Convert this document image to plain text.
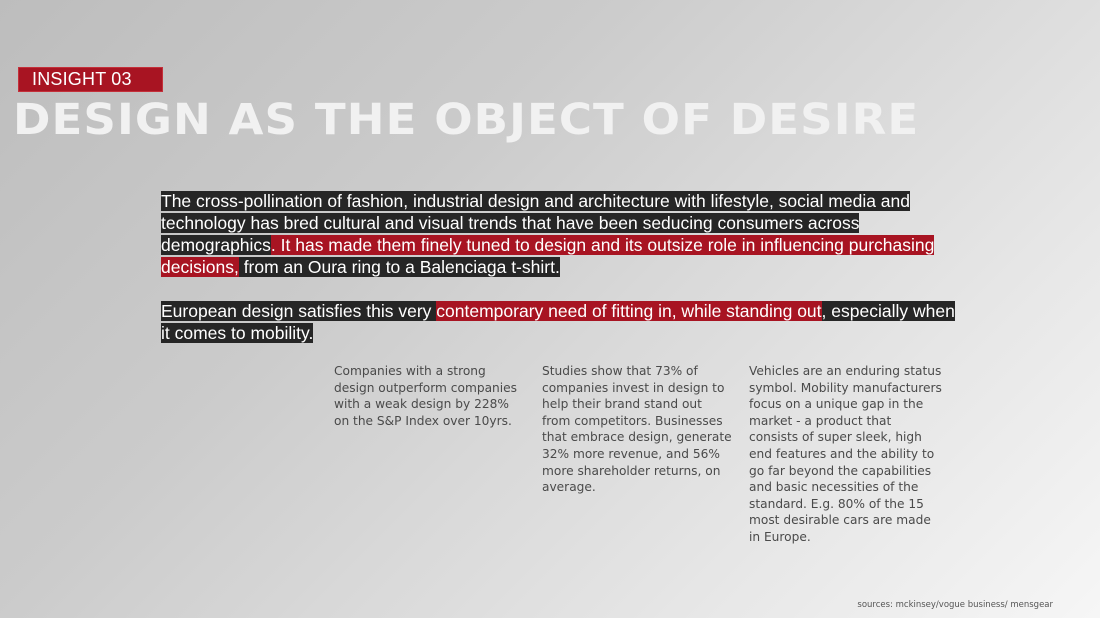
INSIGHT 03
DESIGN AS THE OBJECT OF DESIRE

The cross-pollination of fashion, industrial design and architecture with lifestyle, social media and technology has bred cultural and visual trends that have been seducing consumers across demographics. It has made them finely tuned to design and its outsize role in influencing purchasing decisions, from an Oura ring to a Balenciaga t-shirt.

European design satisfies this very contemporary need of fitting in, while standing out, especially when it comes to mobility.

Companies with a strong design outperform companies with a weak design by 228% on the S&P Index over 10yrs.

Studies show that 73% of companies invest in design to help their brand stand out from competitors. Businesses that embrace design, generate 32% more revenue, and 56% more shareholder returns, on average.

Vehicles are an enduring status symbol. Mobility manufacturers focus on a unique gap in the market - a product that consists of super sleek, high end features and the ability to go far beyond the capabilities and basic necessities of the standard. E.g. 80% of the 15 most desirable cars are made in Europe.

sources: mckinsey/vogue business/ mensgear
